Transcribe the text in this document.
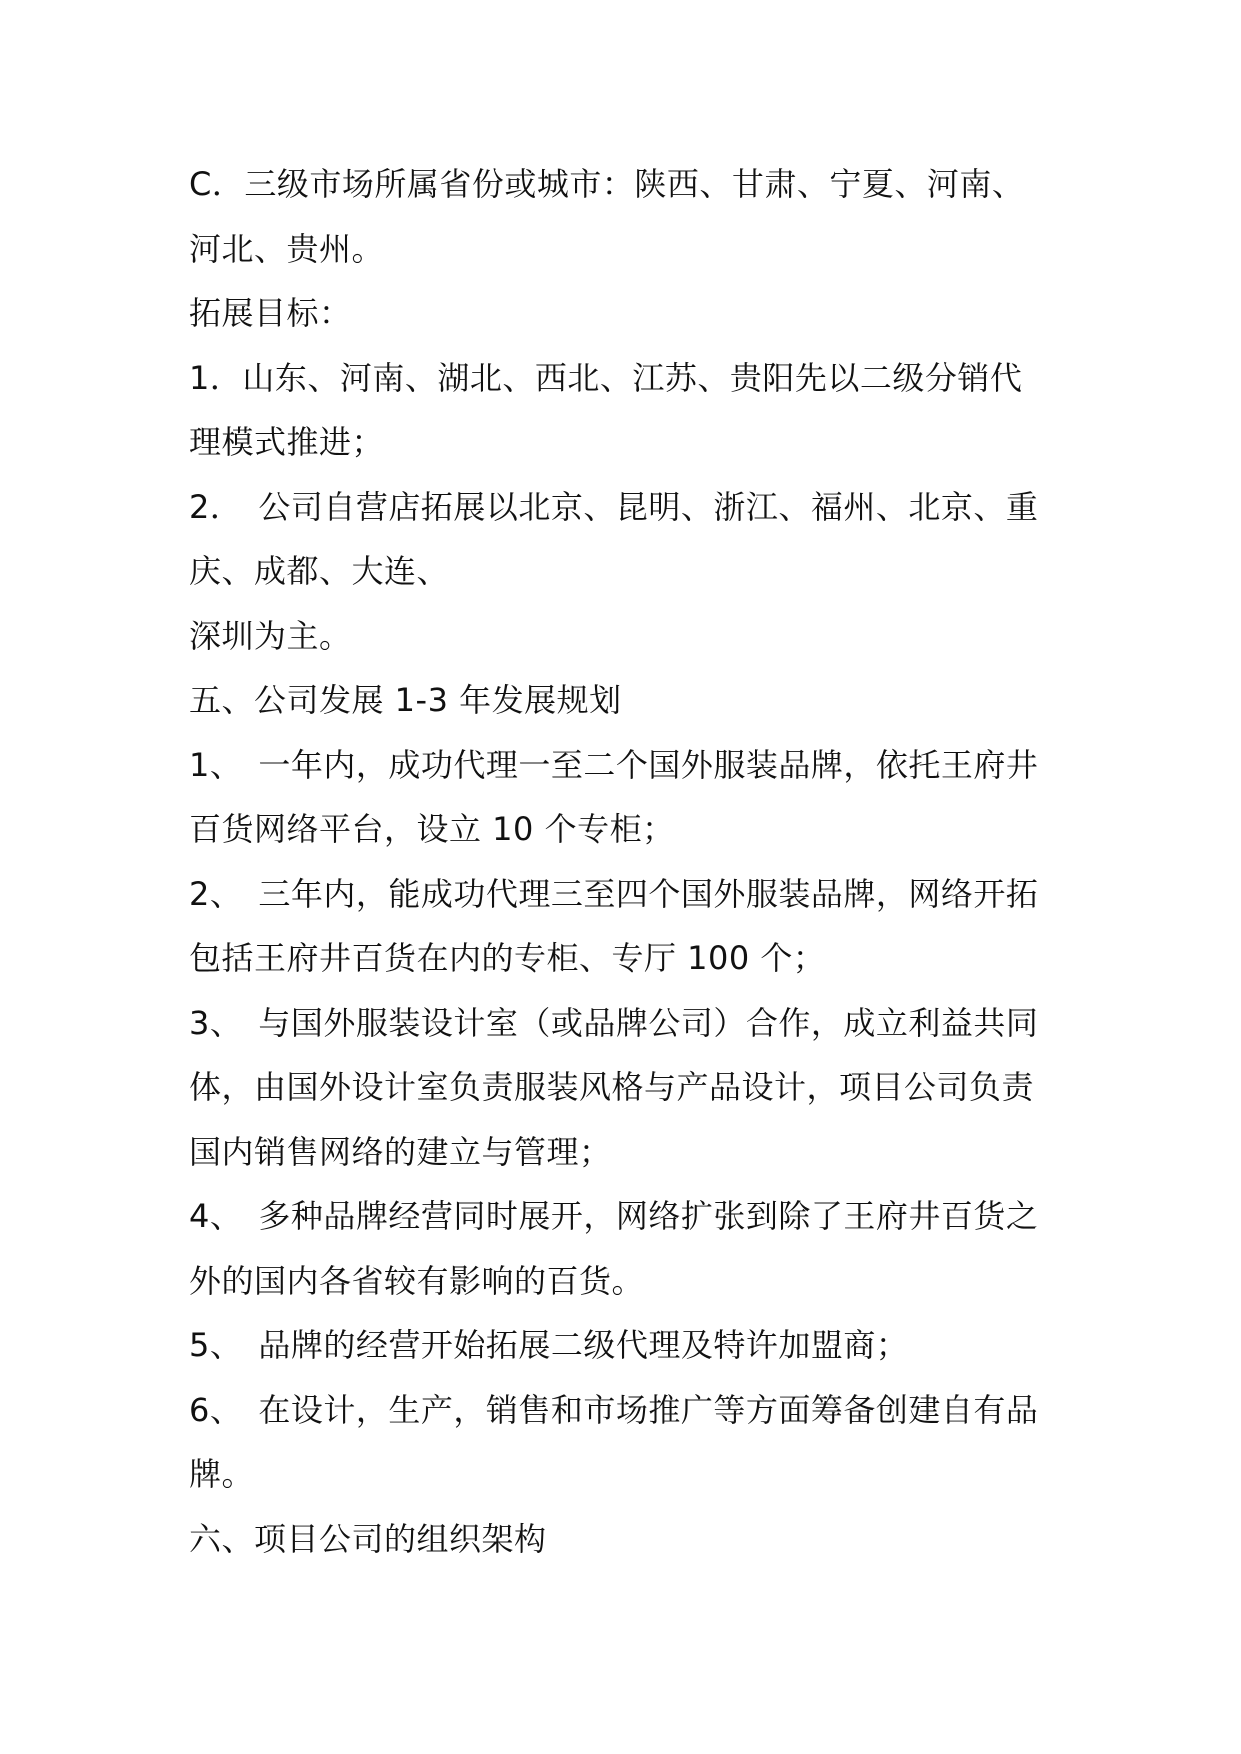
C．三级市场所属省份或城市：陕西、甘肃、宁夏、河南、
河北、贵州。
拓展目标：
1．山东、河南、湖北、西北、江苏、贵阳先以二级分销代
理模式推进；
2． 公司自营店拓展以北京、昆明、浙江、福州、北京、重
庆、成都、大连、
深圳为主。
五、公司发展 1-3 年发展规划
1、 一年内，成功代理一至二个国外服装品牌，依托王府井
百货网络平台，设立 10 个专柜；
2、 三年内，能成功代理三至四个国外服装品牌，网络开拓
包括王府井百货在内的专柜、专厅 100 个；
3、 与国外服装设计室（或品牌公司）合作，成立利益共同
体，由国外设计室负责服装风格与产品设计，项目公司负责
国内销售网络的建立与管理；
4、 多种品牌经营同时展开，网络扩张到除了王府井百货之
外的国内各省较有影响的百货。
5、 品牌的经营开始拓展二级代理及特许加盟商；
6、 在设计，生产，销售和市场推广等方面筹备创建自有品
牌。
六、项目公司的组织架构
